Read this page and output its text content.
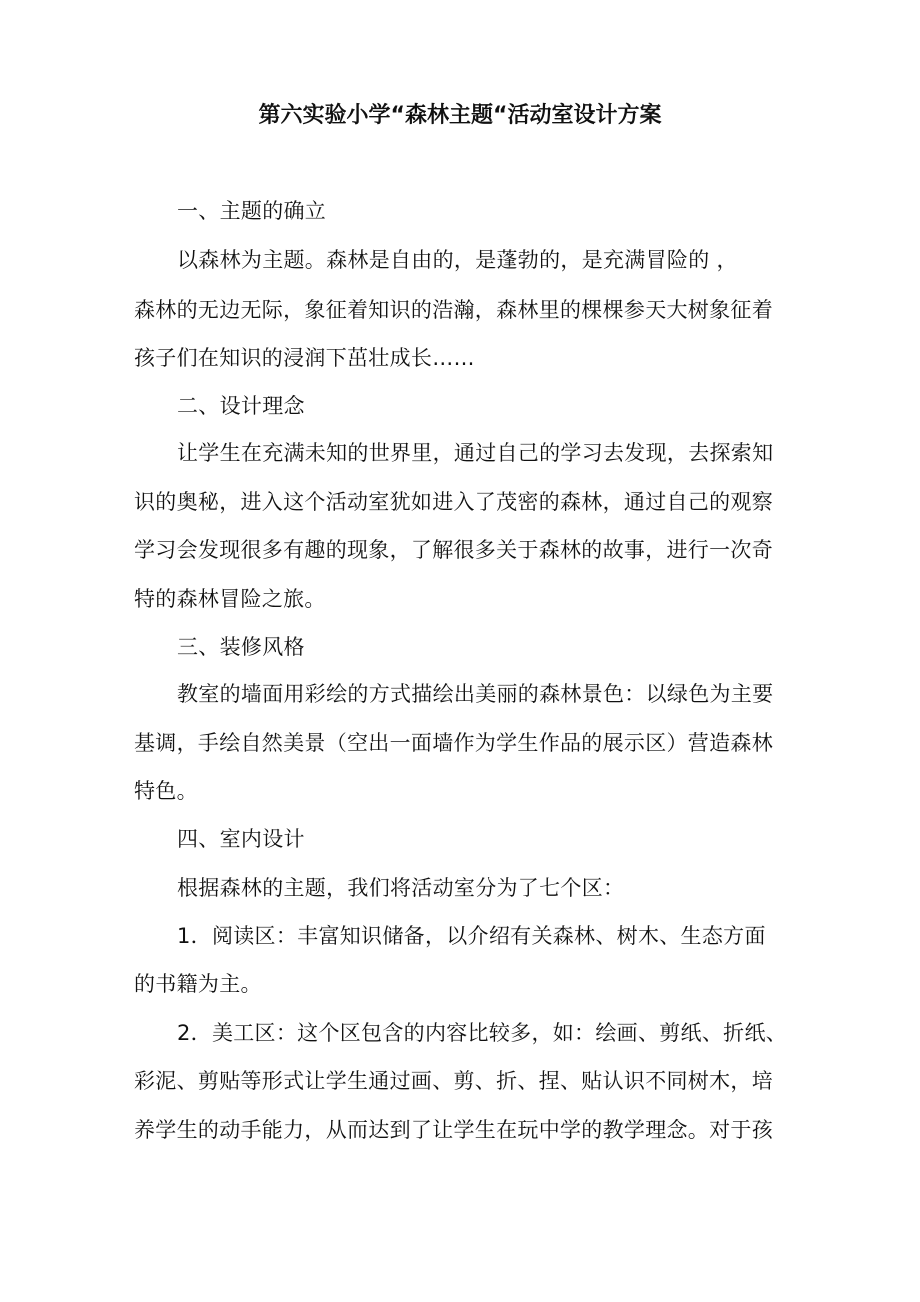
第六实验小学“森林主题“活动室设计方案
一、主题的确立
以森林为主题。森林是自由的，是蓬勃的，是充满冒险的 ，
森林的无边无际，象征着知识的浩瀚，森林里的棵棵参天大树象征着
孩子们在知识的浸润下茁壮成长……
二、设计理念
让学生在充满未知的世界里，通过自己的学习去发现，去探索知
识的奥秘，进入这个活动室犹如进入了茂密的森林，通过自己的观察
学习会发现很多有趣的现象，了解很多关于森林的故事，进行一次奇
特的森林冒险之旅。
三、装修风格
教室的墙面用彩绘的方式描绘出美丽的森林景色：以绿色为主要
基调，手绘自然美景（空出一面墙作为学生作品的展示区）营造森林
特色。
四、室内设计
根据森林的主题，我们将活动室分为了七个区：
1．阅读区：丰富知识储备，以介绍有关森林、树木、生态方面
的书籍为主。
2．美工区：这个区包含的内容比较多，如：绘画、剪纸、折纸、
彩泥、剪贴等形式让学生通过画、剪、折、捏、贴认识不同树木，培
养学生的动手能力，从而达到了让学生在玩中学的教学理念。对于孩
